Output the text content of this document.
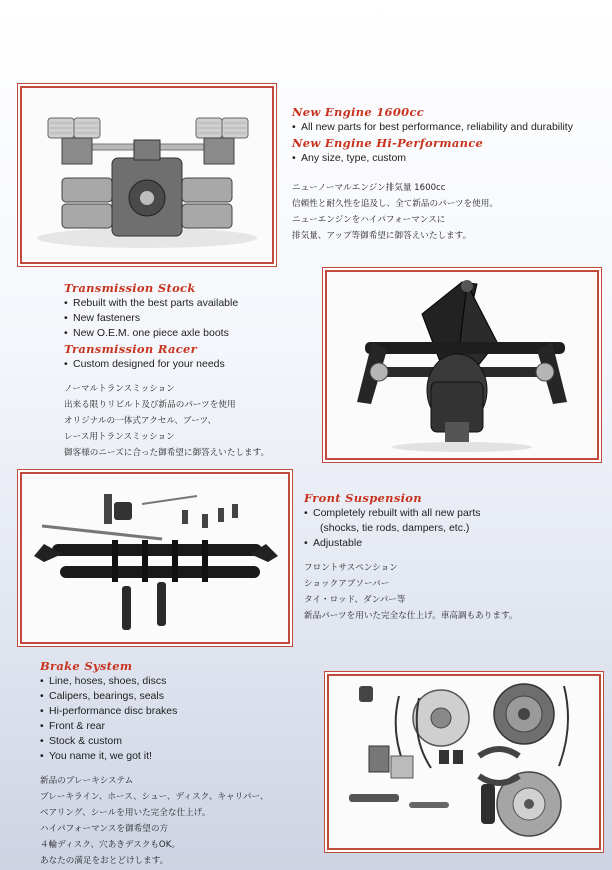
New Engine 1600cc
• All new parts for best performance, reliability and durability
New Engine Hi-Performance
• Any size, type, custom
ニューノーマルエンジン排気量 1600cc
信頼性と耐久性を追及し、全て新品のパーツを使用。
ニューエンジンをハイパフォーマンスに
排気量、アップ等御希望に御答えいたします。
Transmission Stock
• Rebuilt with the best parts available
• New fasteners
• New O.E.M. one piece axle boots
Transmission Racer
• Custom designed for your needs
ノーマルトランスミッション
出来る限りリビルト及び新品のパーツを使用
オリジナルの一体式アクセル、ブーツ、
レース用トランスミッション
御客様のニーズに合った御希望に御答えいたします。
Front Suspension
• Completely rebuilt with all new parts
(shocks, tie rods, dampers, etc.)
• Adjustable
フロントサスペンション
ショックアブソーバー
タイ・ロッド、ダンパー等
新品パーツを用いた完全な仕上げ。車高調もあります。
Brake System
• Line, hoses, shoes, discs
• Calipers, bearings, seals
• Hi-performance disc brakes
• Front & rear
• Stock & custom
• You name it, we got it!
新品のブレーキシステム
ブレーキライン、ホース、シュー、ディスク、キャリパー、
ベアリング、シールを用いた完全な仕上げ。
ハイパフォーマンスを御希望の方
４輪ディスク、穴あきデスクもOK。
あなたの満足をおとどけします。
